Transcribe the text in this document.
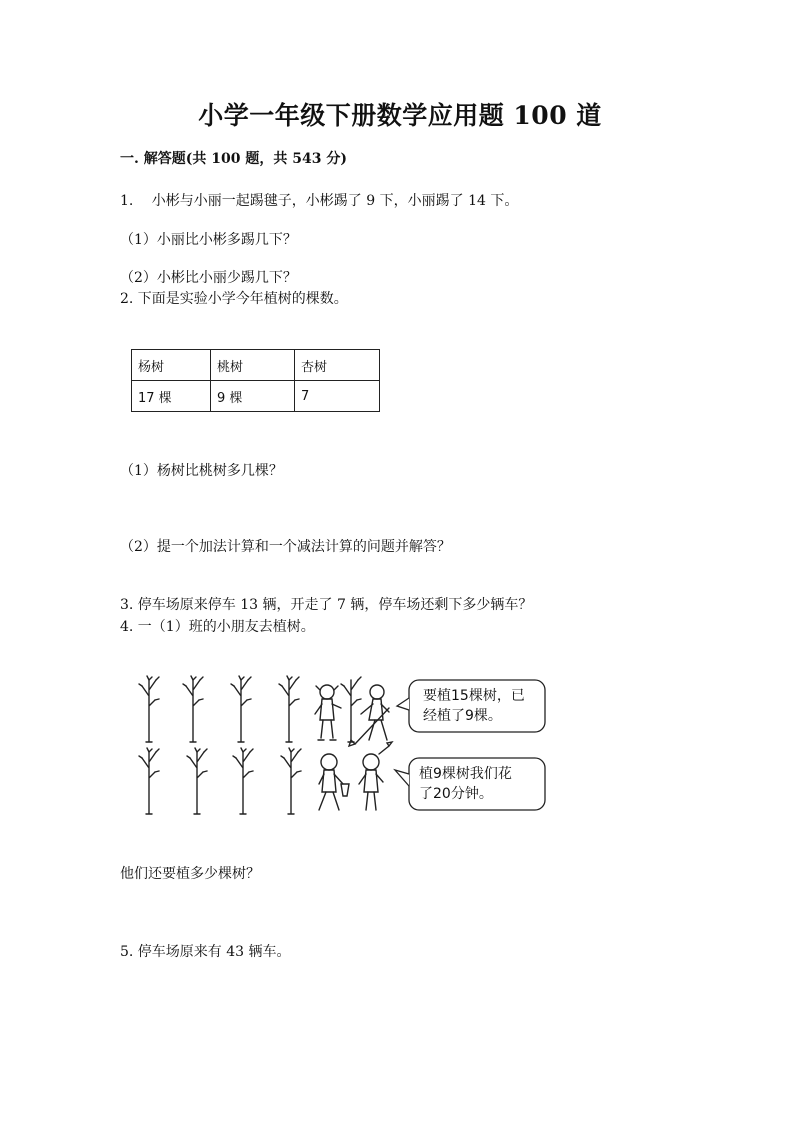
小学一年级下册数学应用题 100 道
一. 解答题(共 100 题，共 543 分)
1.　 小彬与小丽一起踢毽子，小彬踢了 9 下，小丽踢了 14 下。
（1）小丽比小彬多踢几下？
（2）小彬比小丽少踢几下？
2. 下面是实验小学今年植树的棵数。
杨树	桃树	杏树
17 棵	9 棵	7
（1）杨树比桃树多几棵？
（2）提一个加法计算和一个减法计算的问题并解答？
3. 停车场原来停车 13 辆，开走了 7 辆，停车场还剩下多少辆车？
4. 一（1）班的小朋友去植树。
要植15棵树，已
经植了9棵。
植9棵树我们花
了20分钟。
他们还要植多少棵树？
5. 停车场原来有 43 辆车。
